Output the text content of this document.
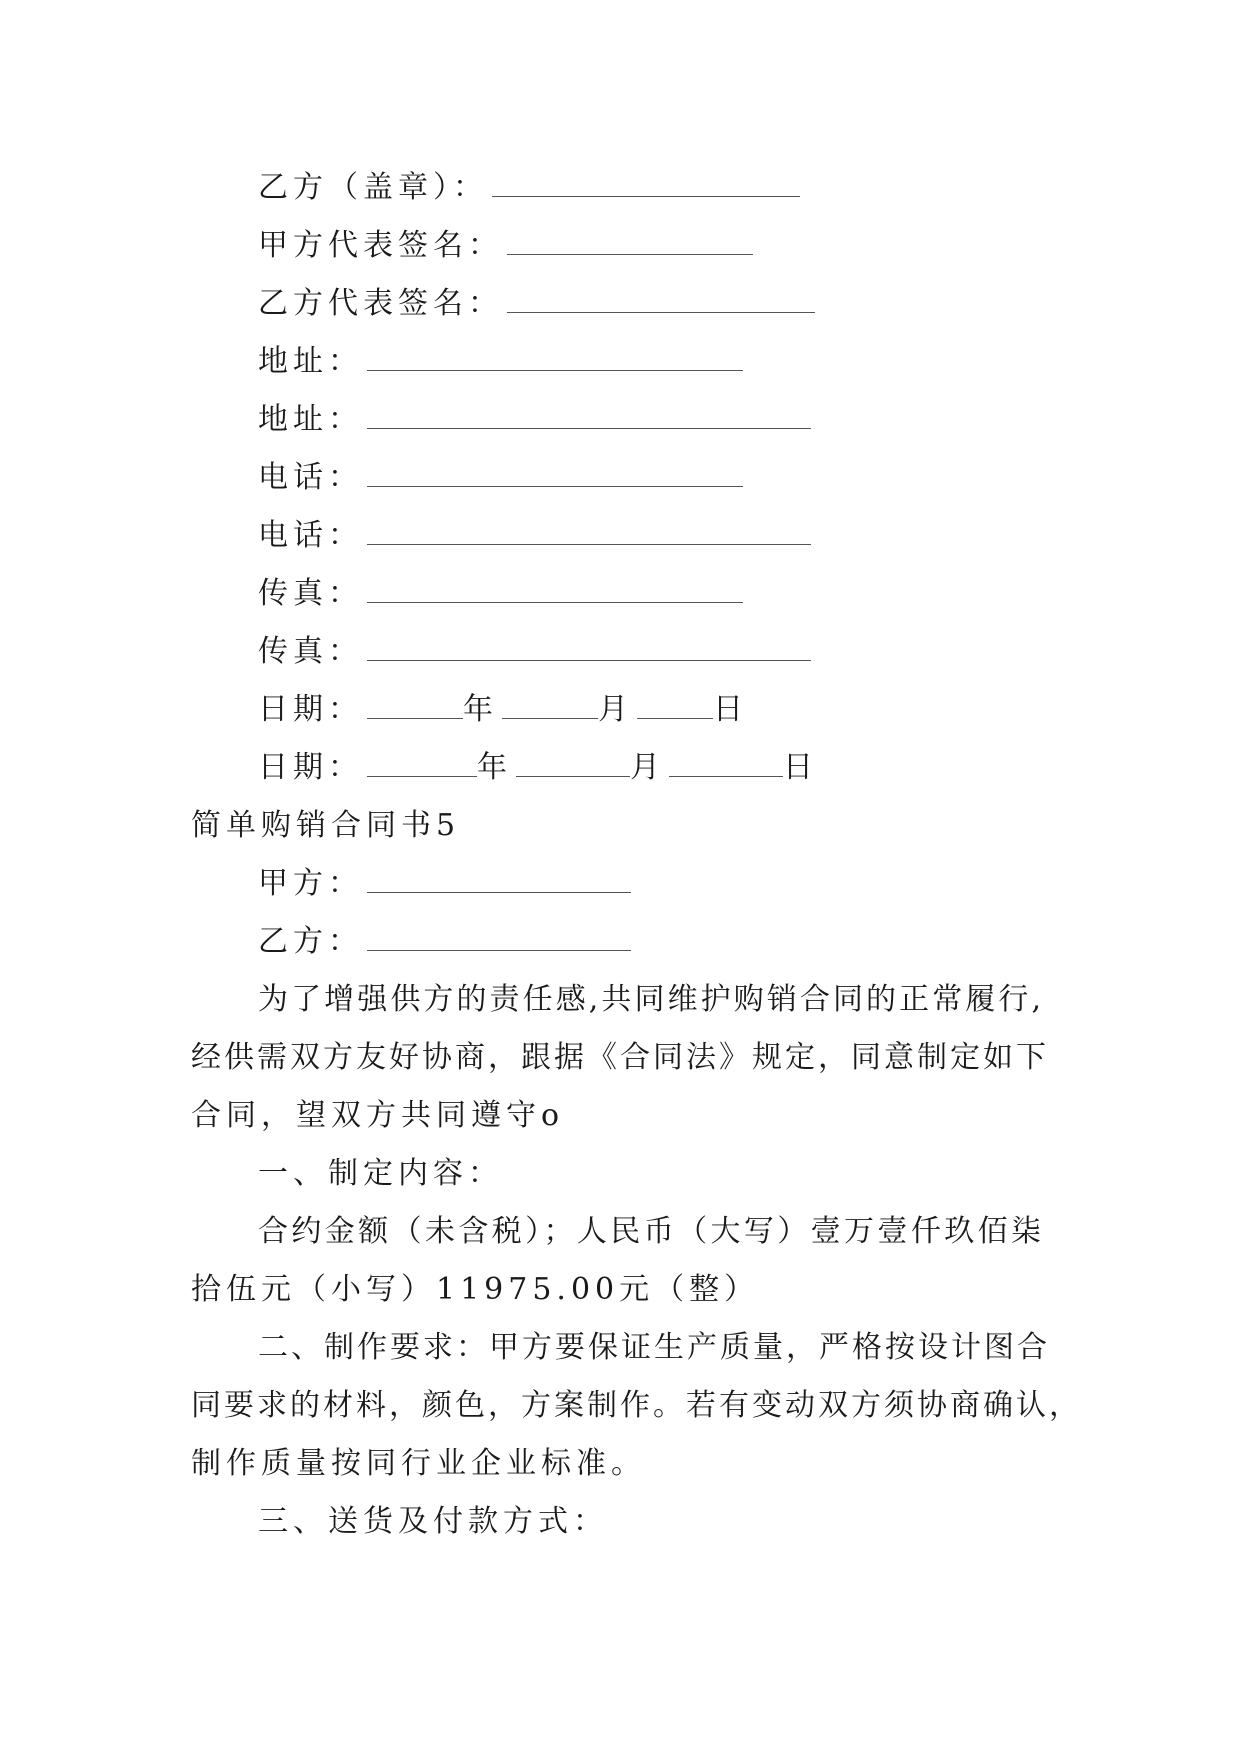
乙方（盖章）：
甲方代表签名：
乙方代表签名：
地址：
地址：
电话：
电话：
传真：
传真：
日期：	年	月	日
日期：	年	月	日
简单购销合同书5
甲方：
乙方：
为了增强供方的责任感,共同维护购销合同的正常履行,
经供需双方友好协商，跟据《合同法》规定，同意制定如下
合同，望双方共同遵守o
一、制定内容：
合约金额（未含税）；人民币（大写）壹万壹仟玖佰柒
拾伍元（小写）11975.00元（整）
二、制作要求：甲方要保证生产质量，严格按设计图合
同要求的材料，颜色，方案制作。若有变动双方须协商确认，
制作质量按同行业企业标准。
三、送货及付款方式：
